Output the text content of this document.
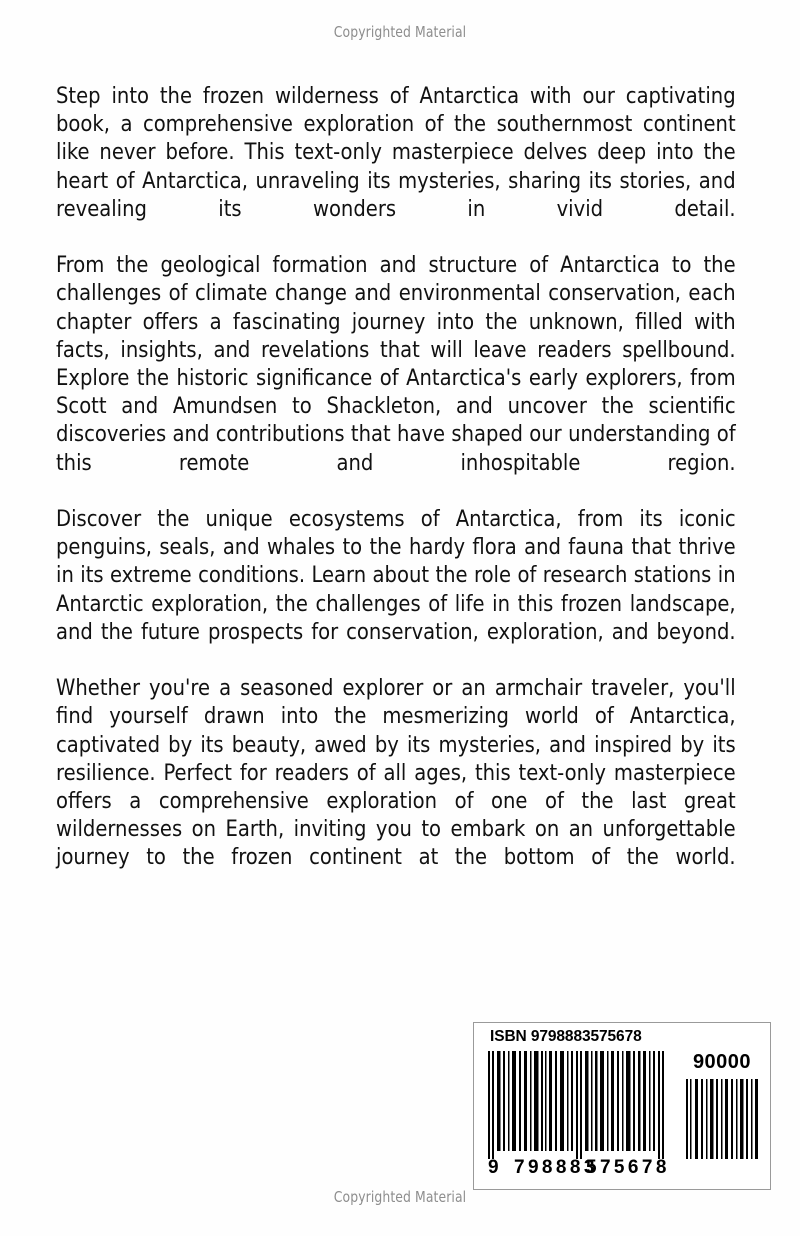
Copyrighted Material

Step into the frozen wilderness of Antarctica with our captivating book, a comprehensive exploration of the southernmost continent like never before. This text-only masterpiece delves deep into the heart of Antarctica, unraveling its mysteries, sharing its stories, and revealing its wonders in vivid detail.

From the geological formation and structure of Antarctica to the challenges of climate change and environmental conservation, each chapter offers a fascinating journey into the unknown, filled with facts, insights, and revelations that will leave readers spellbound. Explore the historic significance of Antarctica's early explorers, from Scott and Amundsen to Shackleton, and uncover the scientific discoveries and contributions that have shaped our understanding of this remote and inhospitable region.

Discover the unique ecosystems of Antarctica, from its iconic penguins, seals, and whales to the hardy flora and fauna that thrive in its extreme conditions. Learn about the role of research stations in Antarctic exploration, the challenges of life in this frozen landscape, and the future prospects for conservation, exploration, and beyond.

Whether you're a seasoned explorer or an armchair traveler, you'll find yourself drawn into the mesmerizing world of Antarctica, captivated by its beauty, awed by its mysteries, and inspired by its resilience. Perfect for readers of all ages, this text-only masterpiece offers a comprehensive exploration of one of the last great wildernesses on Earth, inviting you to embark on an unforgettable journey to the frozen continent at the bottom of the world.

ISBN 9798883575678
9 798883
575678
90000
Copyrighted Material
